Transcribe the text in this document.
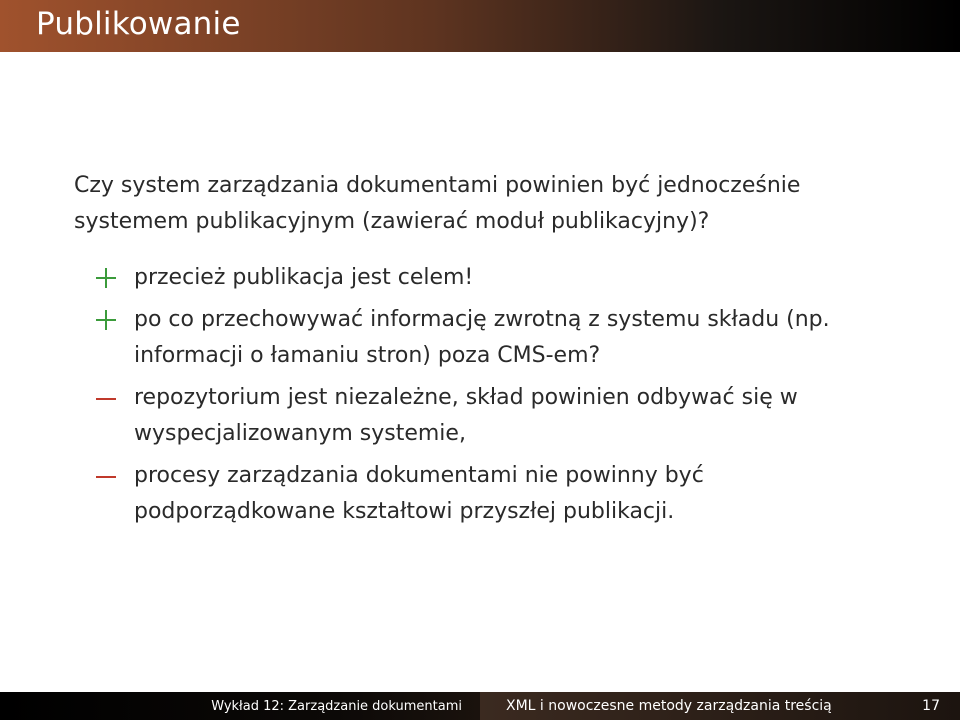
Publikowanie

Czy system zarządzania dokumentami powinien być jednocześnie systemem publikacyjnym (zawierać moduł publikacyjny)?

przecież publikacja jest celem!
po co przechowywać informację zwrotną z systemu składu (np. informacji o łamaniu stron) poza CMS-em?
repozytorium jest niezależne, skład powinien odbywać się w wyspecjalizowanym systemie,
procesy zarządzania dokumentami nie powinny być podporządkowane kształtowi przyszłej publikacji.
Wykład 12: Zarządzanie dokumentami	XML i nowoczesne metody zarządzania treścią	17
